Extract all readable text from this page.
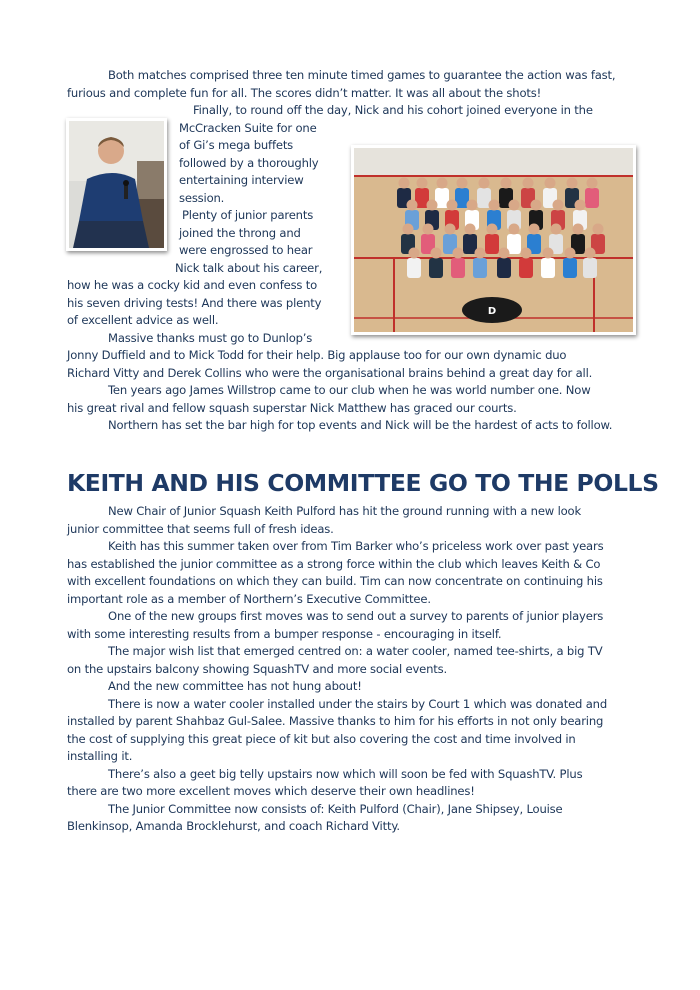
Both matches comprised three ten minute timed games to guarantee the action was fast,

furious and complete fun for all. The scores didn’t matter. It was all about the shots!

Finally, to round off the day, Nick and his cohort joined everyone in the

McCracken Suite for one

of Gi’s mega buffets

followed by a thoroughly

entertaining interview

session.

Plenty of junior parents

joined the throng and

were engrossed to hear

Nick talk about his career,

how he was a cocky kid and even confess to

his seven driving tests! And there was plenty

of excellent advice as well.

Massive thanks must go to Dunlop’s

Jonny Duffield and to Mick Todd for their help. Big applause too for our own dynamic duo

Richard Vitty and Derek Collins who were the organisational brains behind a great day for all.

Ten years ago James Willstrop came to our club when he was world number one. Now

his great rival and fellow squash superstar Nick Matthew has graced our courts.

Northern has set the bar high for top events and Nick will be the hardest of acts to follow.

D
KEITH AND HIS COMMITTEE GO TO THE POLLS

New Chair of Junior Squash Keith Pulford has hit the ground running with a new look

junior committee that seems full of fresh ideas.

Keith has this summer taken over from Tim Barker who’s priceless work over past years

has established the junior committee as a strong force within the club which leaves Keith & Co

with excellent foundations on which they can build. Tim can now concentrate on continuing his

important role as a member of Northern’s Executive Committee.

One of the new groups first moves was to send out a survey to parents of junior players

with some interesting results from a bumper response - encouraging in itself.

The major wish list that emerged centred on: a water cooler, named tee-shirts, a big TV

on the upstairs balcony showing SquashTV and more social events.

And the new committee has not hung about!

There is now a water cooler installed under the stairs by Court 1 which was donated and

installed by parent Shahbaz Gul-Salee. Massive thanks to him for his efforts in not only bearing

the cost of supplying this great piece of kit but also covering the cost and time involved in

installing it.

There’s also a geet big telly upstairs now which will soon be fed with SquashTV. Plus

there are two more excellent moves which deserve their own headlines!

The Junior Committee now consists of: Keith Pulford (Chair), Jane Shipsey, Louise

Blenkinsop, Amanda Brocklehurst, and coach Richard Vitty.
